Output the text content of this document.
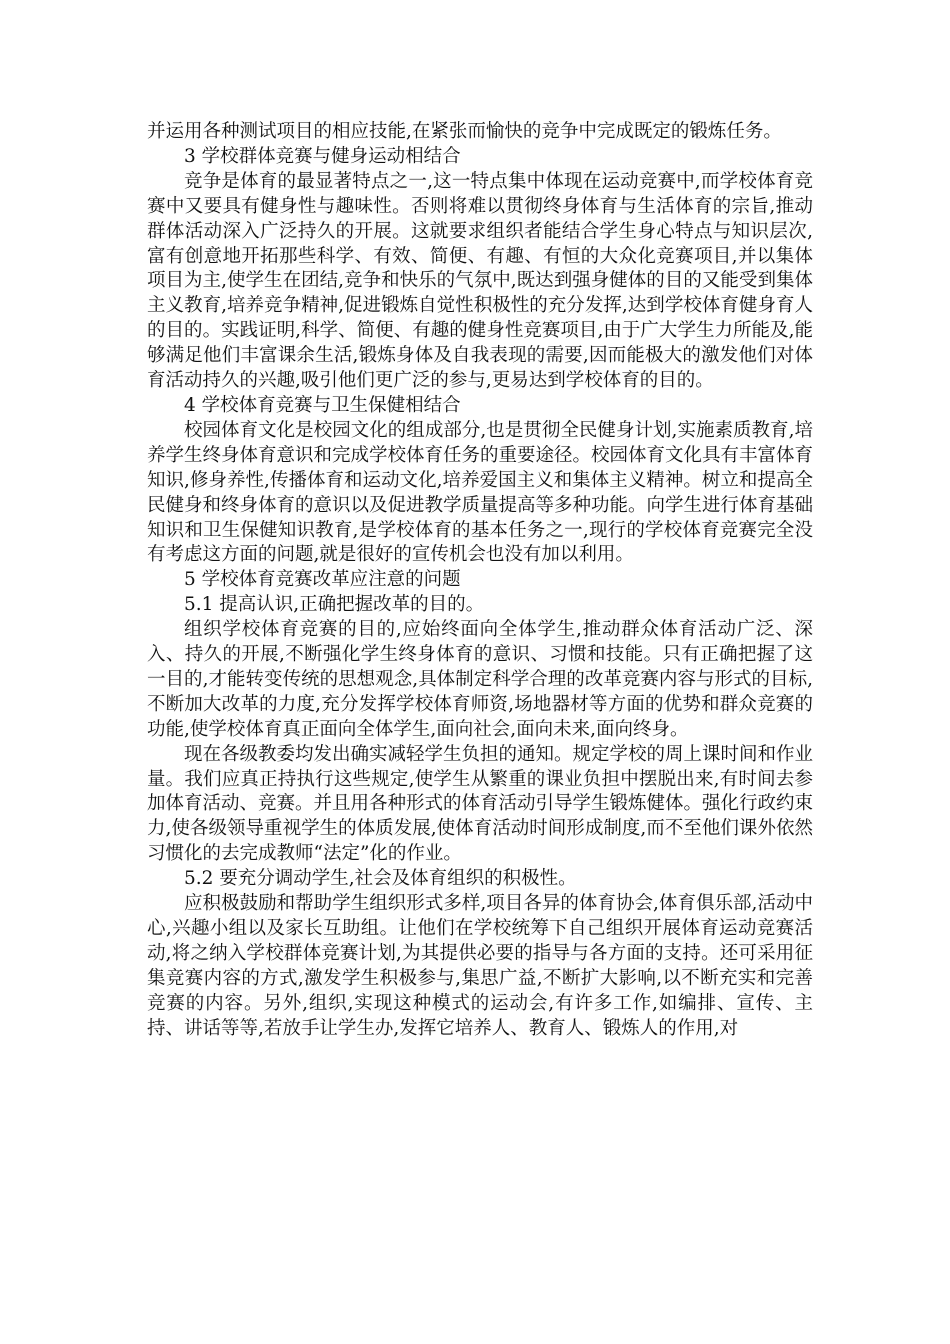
并运用各种测试项目的相应技能,在紧张而愉快的竞争中完成既定的锻炼任务。

3 学校群体竞赛与健身运动相结合

竞争是体育的最显著特点之一,这一特点集中体现在运动竞赛中,而学校体育竞赛中又要具有健身性与趣味性。否则将难以贯彻终身体育与生活体育的宗旨,推动群体活动深入广泛持久的开展。这就要求组织者能结合学生身心特点与知识层次,富有创意地开拓那些科学、有效、简便、有趣、有恒的大众化竞赛项目,并以集体项目为主,使学生在团结,竞争和快乐的气氛中,既达到强身健体的目的又能受到集体主义教育,培养竞争精神,促进锻炼自觉性积极性的充分发挥,达到学校体育健身育人的目的。实践证明,科学、简便、有趣的健身性竞赛项目,由于广大学生力所能及,能够满足他们丰富课余生活,锻炼身体及自我表现的需要,因而能极大的激发他们对体育活动持久的兴趣,吸引他们更广泛的参与,更易达到学校体育的目的。

4 学校体育竞赛与卫生保健相结合

校园体育文化是校园文化的组成部分,也是贯彻全民健身计划,实施素质教育,培养学生终身体育意识和完成学校体育任务的重要途径。校园体育文化具有丰富体育知识,修身养性,传播体育和运动文化,培养爱国主义和集体主义精神。树立和提高全民健身和终身体育的意识以及促进教学质量提高等多种功能。向学生进行体育基础知识和卫生保健知识教育,是学校体育的基本任务之一,现行的学校体育竞赛完全没有考虑这方面的问题,就是很好的宣传机会也没有加以利用。

5 学校体育竞赛改革应注意的问题

5.1 提高认识,正确把握改革的目的。

组织学校体育竞赛的目的,应始终面向全体学生,推动群众体育活动广泛、深入、持久的开展,不断强化学生终身体育的意识、习惯和技能。只有正确把握了这一目的,才能转变传统的思想观念,具体制定科学合理的改革竞赛内容与形式的目标,不断加大改革的力度,充分发挥学校体育师资,场地器材等方面的优势和群众竞赛的功能,使学校体育真正面向全体学生,面向社会,面向未来,面向终身。

现在各级教委均发出确实减轻学生负担的通知。规定学校的周上课时间和作业量。我们应真正持执行这些规定,使学生从繁重的课业负担中摆脱出来,有时间去参加体育活动、竞赛。并且用各种形式的体育活动引导学生锻炼健体。强化行政约束力,使各级领导重视学生的体质发展,使体育活动时间形成制度,而不至他们课外依然习惯化的去完成教师“法定”化的作业。

5.2 要充分调动学生,社会及体育组织的积极性。

应积极鼓励和帮助学生组织形式多样,项目各异的体育协会,体育俱乐部,活动中心,兴趣小组以及家长互助组。让他们在学校统筹下自己组织开展体育运动竞赛活动,将之纳入学校群体竞赛计划,为其提供必要的指导与各方面的支持。还可采用征集竞赛内容的方式,激发学生积极参与,集思广益,不断扩大影响,以不断充实和完善竞赛的内容。另外,组织,实现这种模式的运动会,有许多工作,如编排、宣传、主持、讲话等等,若放手让学生办,发挥它培养人、教育人、锻炼人的作用,对
